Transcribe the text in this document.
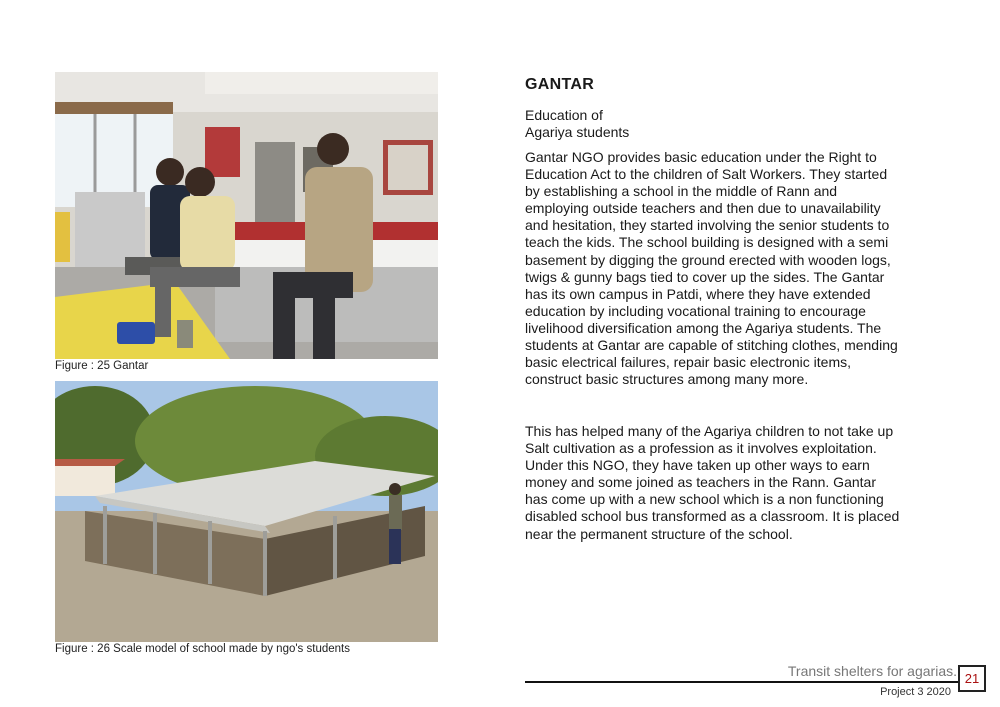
Figure : 25 Gantar
Figure : 26 Scale model of school made by ngo's students
GANTAR
Education of
Agariya students

Gantar NGO provides basic education under the Right to Education Act to the children of Salt Workers. They started by establishing a school in the middle of Rann and employing outside teachers and then due to unavailability and hesitation, they started involving the senior students to teach the kids. The school building is designed with a semi basement by digging the ground erected with wooden logs, twigs & gunny bags tied to cover up the sides. The Gantar has its own campus in Patdi, where they have extended education by including vocational training to encourage livelihood diversification among the Agariya students. The students at Gantar are capable of stitching clothes, mending basic electrical failures, repair basic electronic items, construct basic structures among many more.

This has helped many of the Agariya children to not take up Salt cultivation as a profession as it involves exploitation. Under this NGO, they have taken up other ways to earn money and some joined as teachers in the Rann. Gantar has come up with a new school which is a non functioning disabled school bus transformed as a classroom. It is placed near the permanent structure of the school.

Transit shelters for agarias.
Project 3 2020
21
